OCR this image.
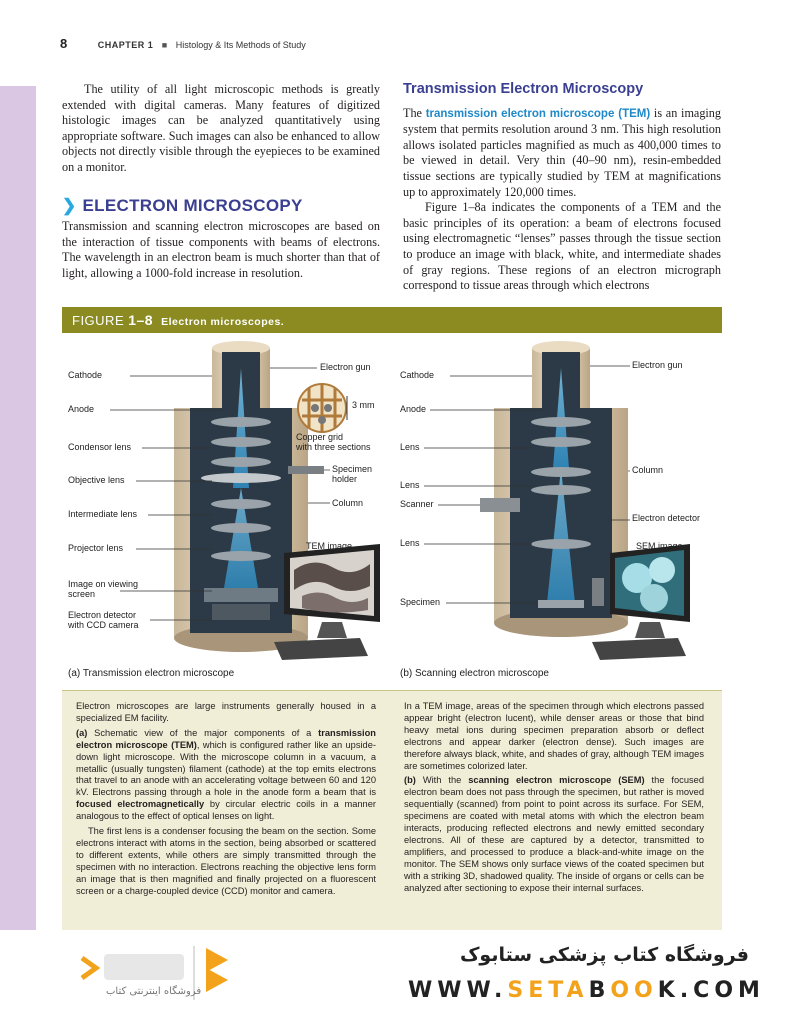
8	CHAPTER 1 ■ Histology & Its Methods of Study

The utility of all light microscopic methods is greatly extended with digital cameras. Many features of digitized histologic images can be analyzed quantitatively using appropriate software. Such images can also be enhanced to allow objects not directly visible through the eyepieces to be examined on a monitor.

❯ ELECTRON MICROSCOPY

Transmission and scanning electron microscopes are based on the interaction of tissue components with beams of electrons. The wavelength in an electron beam is much shorter than that of light, allowing a 1000-fold increase in resolution.

Transmission Electron Microscopy

The transmission electron microscope (TEM) is an imaging system that permits resolution around 3 nm. This high resolution allows isolated particles magnified as much as 400,000 times to be viewed in detail. Very thin (40–90 nm), resin-embedded tissue sections are typically studied by TEM at magnifications up to approximately 120,000 times.

Figure 1–8a indicates the components of a TEM and the basic principles of its operation: a beam of electrons focused using electromagnetic “lenses” passes through the tissue section to produce an image with black, white, and intermediate shades of gray regions. These regions of an electron micrograph correspond to tissue areas through which electrons

FIGURE 1–8 Electron microscopes.
Cathode
Anode
Condensor lens
Objective lens
Intermediate lens
Projector lens
Image on viewing
screen
Electron detector
with CCD camera
Electron gun
3 mm
Copper grid
with three sections
Specimen
holder
Column
TEM image
(a) Transmission electron microscope
Cathode
Anode
Lens
Lens
Scanner
Lens
Specimen
Electron gun
Column
Electron detector
SEM image
(b) Scanning electron microscope

Electron microscopes are large instruments generally housed in a specialized EM facility.

(a) Schematic view of the major components of a transmission electron microscope (TEM), which is configured rather like an upside-down light microscope. With the microscope column in a vacuum, a metallic (usually tungsten) filament (cathode) at the top emits electrons that travel to an anode with an accelerating voltage between 60 and 120 kV. Electrons passing through a hole in the anode form a beam that is focused electromagnetically by circular electric coils in a manner analogous to the effect of optical lenses on light.

The first lens is a condenser focusing the beam on the section. Some electrons interact with atoms in the section, being absorbed or scattered to different extents, while others are simply transmitted through the specimen with no interaction. Electrons reaching the objective lens form an image that is then magnified and finally projected on a fluorescent screen or a charge-coupled device (CCD) monitor and camera.

In a TEM image, areas of the specimen through which electrons passed appear bright (electron lucent), while denser areas or those that bind heavy metal ions during specimen preparation absorb or deflect electrons and appear darker (electron dense). Such images are therefore always black, white, and shades of gray, although TEM images are sometimes colorized later.

(b) With the scanning electron microscope (SEM) the focused electron beam does not pass through the specimen, but rather is moved sequentially (scanned) from point to point across its surface. For SEM, specimens are coated with metal atoms with which the electron beam interacts, producing reflected electrons and newly emitted secondary electrons. All of these are captured by a detector, transmitted to amplifiers, and processed to produce a black-and-white image on the monitor. The SEM shows only surface views of the coated specimen but with a striking 3D, shadowed quality. The inside of organs or cells can be analyzed after sectioning to expose their internal surfaces.

فروشگاه اینترنتی کتاب
فروشگاه کتاب پزشکی ستابوک
WWW.SETABOOK.COM
